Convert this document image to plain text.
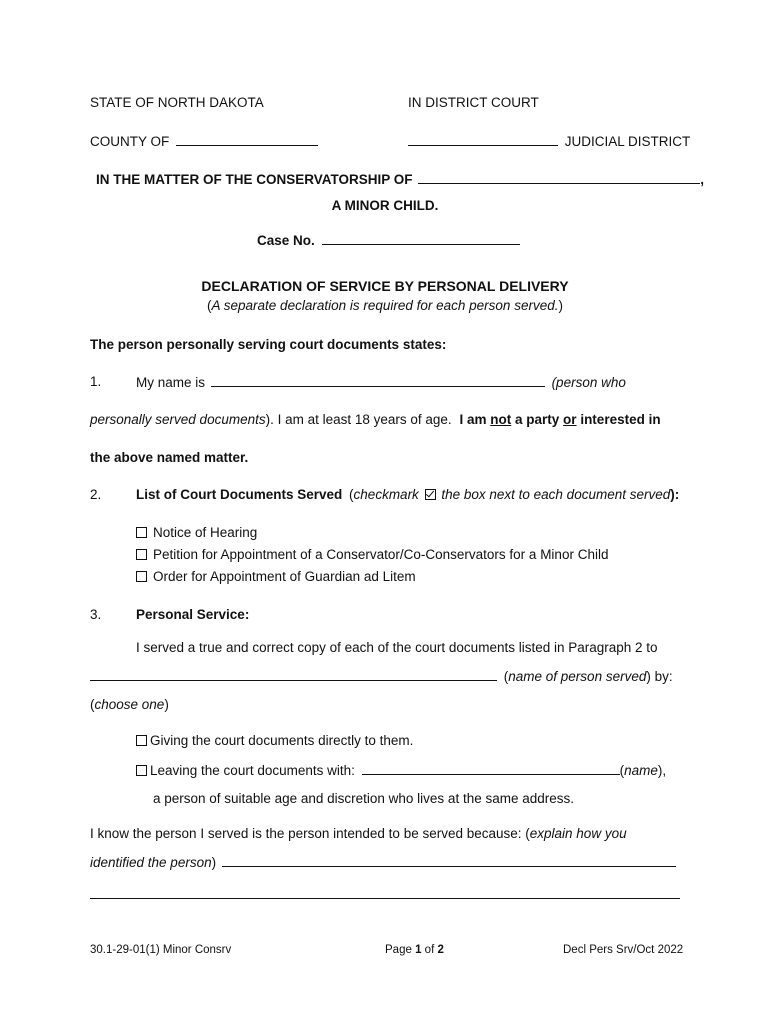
STATE OF NORTH DAKOTA	IN DISTRICT COURT
COUNTY OF	JUDICIAL DISTRICT
IN THE MATTER OF THE CONSERVATORSHIP OF	,
A MINOR CHILD.
Case No.
DECLARATION OF SERVICE BY PERSONAL DELIVERY
(A separate declaration is required for each person served.)
The person personally serving court documents states:
1.	My name is	(person who
personally served documents). I am at least 18 years of age. I am not a party or interested in
the above named matter.
2.	List of Court Documents Served (checkmark the box next to each document served):
Notice of Hearing
Petition for Appointment of a Conservator/Co-Conservators for a Minor Child
Order for Appointment of Guardian ad Litem
3.	Personal Service:
I served a true and correct copy of each of the court documents listed in Paragraph 2 to
(name of person served) by:
(choose one)
Giving the court documents directly to them.
Leaving the court documents with:	(name),
a person of suitable age and discretion who lives at the same address.
I know the person I served is the person intended to be served because: (explain how you
identified the person)
30.1-29-01(1) Minor Consrv	Page 1 of 2	Decl Pers Srv/Oct 2022
